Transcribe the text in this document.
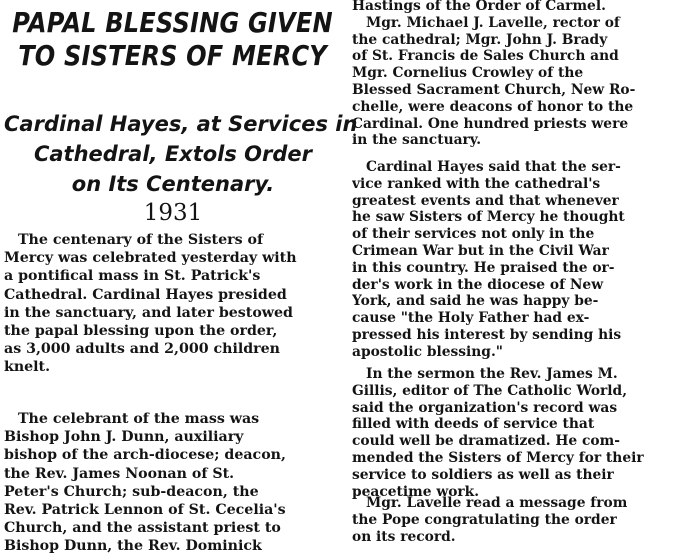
PAPAL BLESSING GIVEN
TO SISTERS OF MERCY
Cardinal Hayes, at Services in
Cathedral, Extols Order
on Its Centenary.
1931
The centenary of the Sisters of
Mercy was celebrated yesterday with
a pontifical mass in St. Patrick's
Cathedral. Cardinal Hayes presided
in the sanctuary, and later bestowed
the papal blessing upon the order,
as 3,000 adults and 2,000 children
knelt.
The celebrant of the mass was
Bishop John J. Dunn, auxiliary
bishop of the arch-diocese; deacon,
the Rev. James Noonan of St.
Peter's Church; sub-deacon, the
Rev. Patrick Lennon of St. Cecelia's
Church, and the assistant priest to
Bishop Dunn, the Rev. Dominick
Hastings of the Order of Carmel.
Mgr. Michael J. Lavelle, rector of
the cathedral; Mgr. John J. Brady
of St. Francis de Sales Church and
Mgr. Cornelius Crowley of the
Blessed Sacrament Church, New Ro-
chelle, were deacons of honor to the
Cardinal. One hundred priests were
in the sanctuary.
Cardinal Hayes said that the ser-
vice ranked with the cathedral's
greatest events and that whenever
he saw Sisters of Mercy he thought
of their services not only in the
Crimean War but in the Civil War
in this country. He praised the or-
der's work in the diocese of New
York, and said he was happy be-
cause "the Holy Father had ex-
pressed his interest by sending his
apostolic blessing."
In the sermon the Rev. James M.
Gillis, editor of The Catholic World,
said the organization's record was
filled with deeds of service that
could well be dramatized. He com-
mended the Sisters of Mercy for their
service to soldiers as well as their
peacetime work.
Mgr. Lavelle read a message from
the Pope congratulating the order
on its record.
